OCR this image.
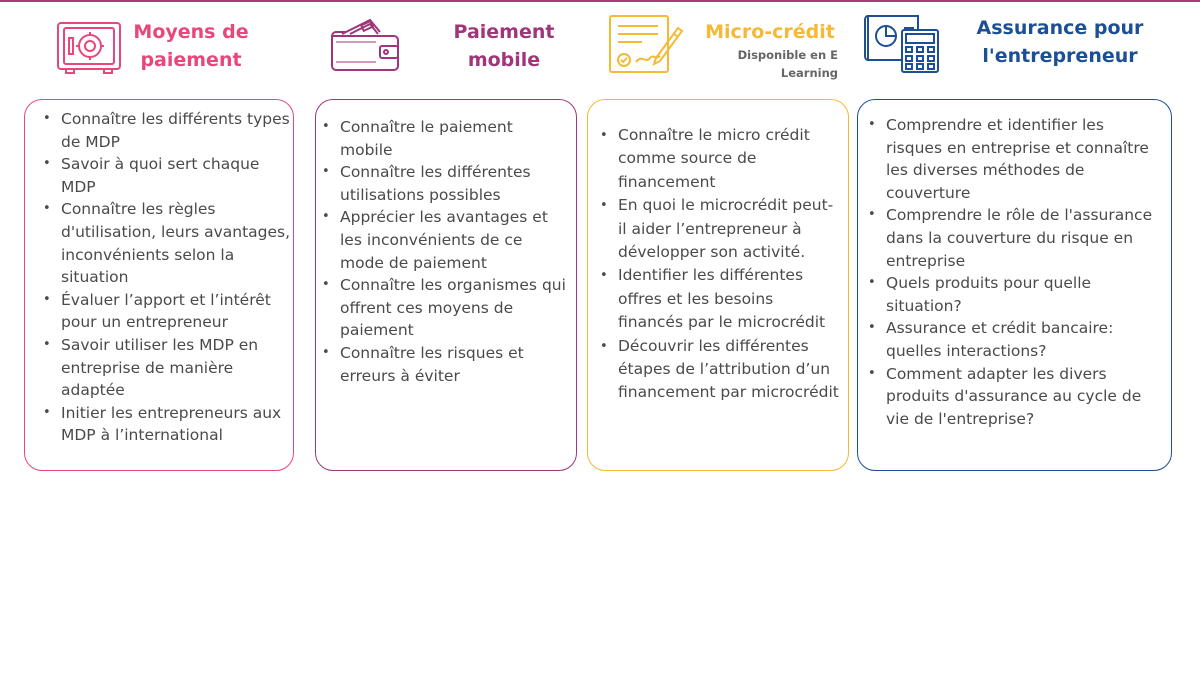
Moyens de
paiement
Paiement
mobile
Micro-crédit
Disponible en E
Learning
Assurance pour
l'entrepreneur
• Connaître les différents types de MDP
• Savoir à quoi sert chaque MDP
• Connaître les règles d'utilisation, leurs avantages, inconvénients selon la situation
• Évaluer l’apport et l’intérêt pour un entrepreneur
• Savoir utiliser les MDP en entreprise de manière adaptée
• Initier les entrepreneurs aux MDP à l’international
• Connaître le paiement mobile
• Connaître les différentes utilisations possibles
• Apprécier les avantages et les inconvénients de ce mode de paiement
• Connaître les organismes qui offrent ces moyens de paiement
• Connaître les risques et erreurs à éviter
• Connaître le micro crédit comme source de financement
• En quoi le microcrédit peut-il aider l’entrepreneur à développer son activité.
• Identifier les différentes offres et les besoins financés par le microcrédit
• Découvrir les différentes étapes de l’attribution d’un financement par microcrédit
• Comprendre et identifier les risques en entreprise et connaître les diverses méthodes de couverture
• Comprendre le rôle de l'assurance dans la couverture du risque en entreprise
• Quels produits pour quelle situation?
• Assurance et crédit bancaire: quelles interactions?
• Comment adapter les divers produits d'assurance au cycle de vie de l'entreprise?
